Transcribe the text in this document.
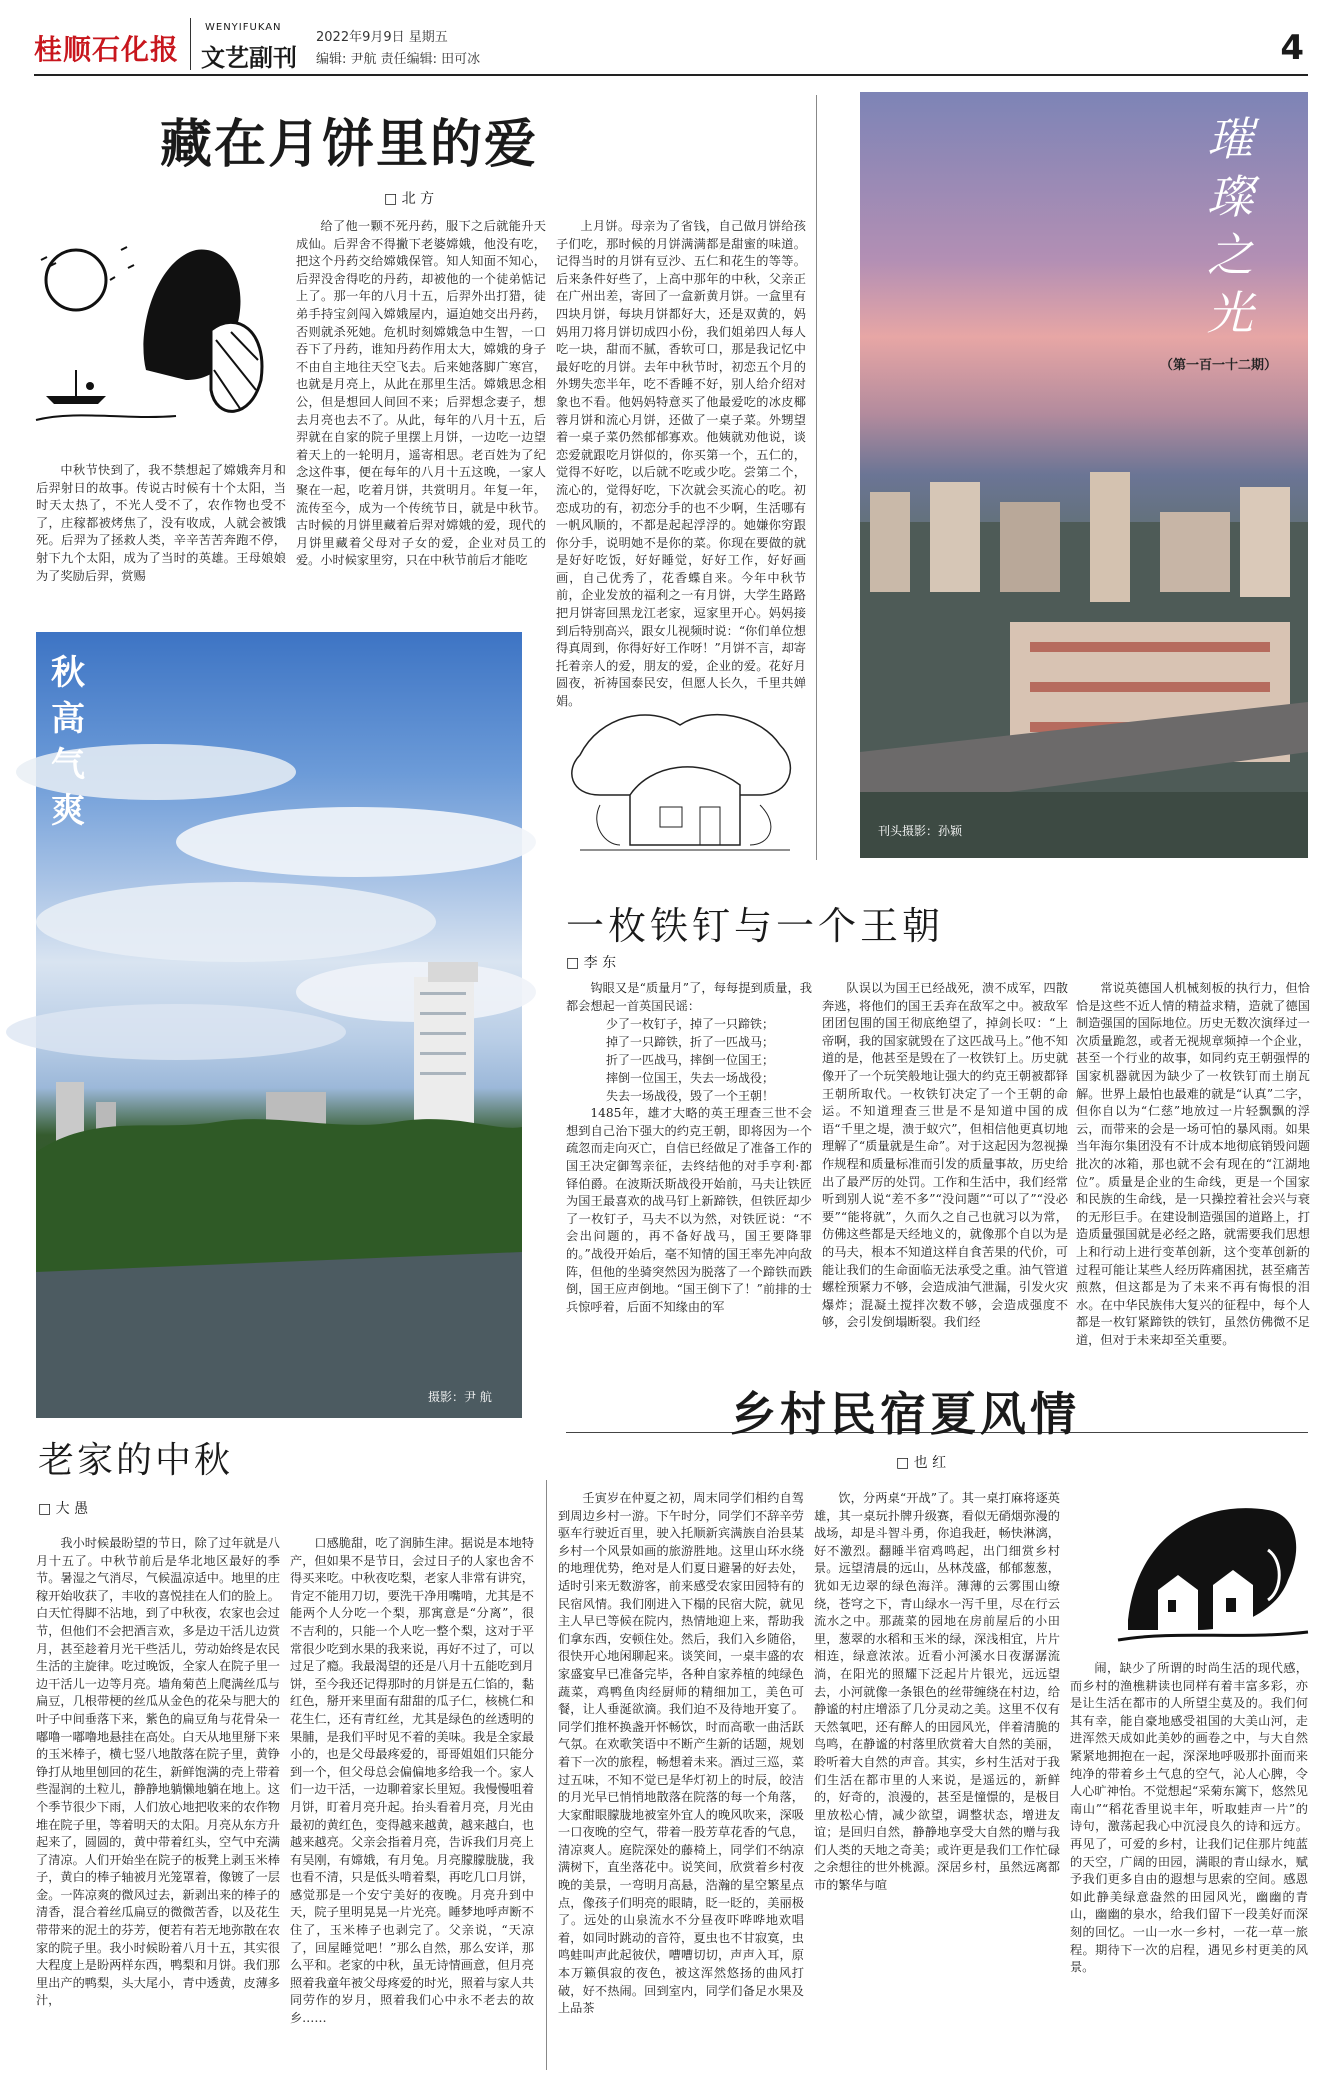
桂顺石化报
WENYIFUKAN
文艺副刊
2022年9月9日 星期五
编辑: 尹航 责任编辑: 田可冰	4
藏在月饼里的爱
□ 北 方
中秋节快到了，我不禁想起了嫦娥奔月和后羿射日的故事。传说古时候有十个太阳，当时天太热了，不光人受不了，农作物也受不了，庄稼都被烤焦了，没有收成，人就会被饿死。后羿为了拯救人类，辛辛苦苦奔跑不停，射下九个太阳，成为了当时的英雄。王母娘娘为了奖励后羿，赏赐
给了他一颗不死丹药，服下之后就能升天成仙。后羿舍不得撇下老婆嫦娥，他没有吃，把这个丹药交给嫦娥保管。知人知面不知心，后羿没舍得吃的丹药，却被他的一个徒弟惦记上了。那一年的八月十五，后羿外出打猎，徒弟手持宝剑闯入嫦娥屋内，逼迫她交出丹药，否则就杀死她。危机时刻嫦娥急中生智，一口吞下了丹药，谁知丹药作用太大，嫦娥的身子不由自主地往天空飞去。后来她落脚广寒宫，也就是月亮上，从此在那里生活。嫦娥思念相公，但是想回人间回不来；后羿想念妻子，想去月亮也去不了。从此，每年的八月十五，后羿就在自家的院子里摆上月饼，一边吃一边望着天上的一轮明月，遥寄相思。老百姓为了纪念这件事，便在每年的八月十五这晚，一家人聚在一起，吃着月饼，共赏明月。年复一年，流传至今，成为一个传统节日，就是中秋节。古时候的月饼里藏着后羿对嫦娥的爱，现代的月饼里藏着父母对子女的爱，企业对员工的爱。小时候家里穷，只在中秋节前后才能吃
上月饼。母亲为了省钱，自己做月饼给孩子们吃，那时候的月饼满满都是甜蜜的味道。记得当时的月饼有豆沙、五仁和花生的等等。后来条件好些了，上高中那年的中秋，父亲正在广州出差，寄回了一盒新黄月饼。一盒里有四块月饼，每块月饼都好大，还是双黄的，妈妈用刀将月饼切成四小份，我们姐弟四人每人吃一块，甜而不腻，香软可口，那是我记忆中最好吃的月饼。去年中秋节时，初恋五个月的外甥失恋半年，吃不香睡不好，别人给介绍对象也不看。他妈妈特意买了他最爱吃的冰皮椰蓉月饼和流心月饼，还做了一桌子菜。外甥望着一桌子菜仍然郁郁寡欢。他姨就劝他说，谈恋爱就跟吃月饼似的，你买第一个，五仁的，觉得不好吃，以后就不吃或少吃。尝第二个，流心的，觉得好吃，下次就会买流心的吃。初恋成功的有，初恋分手的也不少啊，生活哪有一帆风顺的，不都是起起浮浮的。她嫌你穷跟你分手，说明她不是你的菜。你现在要做的就是好好吃饭，好好睡觉，好好工作，好好画画，自己优秀了，花香蝶自来。今年中秋节前，企业发放的福利之一有月饼，大学生路路把月饼寄回黑龙江老家，逗家里开心。妈妈接到后特别高兴，跟女儿视频时说：“你们单位想得真周到，你得好好工作呀！”月饼不言，却寄托着亲人的爱，朋友的爱，企业的爱。花好月圆夜，祈祷国泰民安，但愿人长久，千里共婵娟。
璀
璨
之
光
（第一百一十二期）
刊头摄影：孙颖
秋
高
气
爽
摄影：尹 航
一枚铁钉与一个王朝
□ 李 东
钩眼又是“质量月”了，每每提到质量，我都会想起一首英国民谣：
少了一枚钉子，掉了一只蹄铁；
掉了一只蹄铁，折了一匹战马；
折了一匹战马，摔倒一位国王；
摔倒一位国王，失去一场战役；
失去一场战役，毁了一个王朝！
1485年，雄才大略的英王理查三世不会想到自己治下强大的约克王朝，即将因为一个疏忽而走向灭亡，自信已经做足了准备工作的国王决定御驾亲征，去终结他的对手亨利·都铎伯爵。在波斯沃斯战役开始前，马夫让铁匠为国王最喜欢的战马钉上新蹄铁，但铁匠却少了一枚钉子，马夫不以为然，对铁匠说：“不会出问题的，再不备好战马，国王要降罪的。”战役开始后，毫不知情的国王率先冲向敌阵，但他的坐骑突然因为脱落了一个蹄铁而跌倒，国王应声倒地。“国王倒下了！”前排的士兵惊呼着，后面不知缘由的军
队误以为国王已经战死，溃不成军，四散奔逃，将他们的国王丢弃在敌军之中。被敌军团团包围的国王彻底绝望了，掉剑长叹：“上帝啊，我的国家就毁在了这匹战马上。”他不知道的是，他甚至是毁在了一枚铁钉上。历史就像开了一个玩笑般地让强大的约克王朝被都铎王朝所取代。一枚铁钉决定了一个王朝的命运。不知道理查三世是不是知道中国的成语“千里之堤，溃于蚁穴”，但相信他更真切地理解了“质量就是生命”。对于这起因为忽视操作规程和质量标准而引发的质量事故，历史给出了最严厉的处罚。工作和生活中，我们经常听到别人说“差不多”“没问题”“可以了”“没必要”“能将就”，久而久之自己也就习以为常，仿佛这些都是天经地义的，就像那个自以为是的马夫，根本不知道这样自食苦果的代价，可能让我们的生命面临无法承受之重。油气管道螺栓预紧力不够，会造成油气泄漏，引发火灾爆炸；混凝土搅拌次数不够，会造成强度不够，会引发倒塌断裂。我们经
常说英德国人机械刻板的执行力，但恰恰是这些不近人情的精益求精，造就了德国制造强国的国际地位。历史无数次演绎过一次质量跪忽，或者无视规章频掉一个企业，甚至一个行业的故事，如同约克王朝强悍的国家机器就因为缺少了一枚铁钉而土崩瓦解。世界上最怕也最难的就是“认真”二字，但你自以为“仁慈”地放过一片轻飘飘的浮云，而带来的会是一场可怕的暴风雨。如果当年海尔集团没有不计成本地彻底销毁问题批次的冰箱，那也就不会有现在的“江湖地位”。质量是企业的生命线，更是一个国家和民族的生命线，是一只操控着社会兴与衰的无形巨手。在建设制造强国的道路上，打造质量强国就是必经之路，就需要我们思想上和行动上进行变革创新，这个变革创新的过程可能让某些人经历阵痛困扰，甚至痛苦煎熬，但这都是为了未来不再有悔恨的泪水。在中华民族伟大复兴的征程中，每个人都是一枚钉紧蹄铁的铁钉，虽然仿佛微不足道，但对于未来却至关重要。
乡村民宿夏风情
□ 也 红
老家的中秋
□ 大 愚
我小时候最盼望的节日，除了过年就是八月十五了。中秋节前后是华北地区最好的季节。暑湿之气消尽，气候温凉适中。地里的庄稼开始收获了，丰收的喜悦挂在人们的脸上。白天忙得脚不沾地，到了中秋夜，农家也会过节，但他们不会把酒言欢，多是边干活儿边赏月，甚至趁着月光干些活儿，劳动始终是农民生活的主旋律。吃过晚饭，全家人在院子里一边干活儿一边等月亮。墙角菊芭上爬满丝瓜与扁豆，几根带梗的丝瓜从金色的花朵与肥大的叶子中间垂落下来，紫色的扁豆角与花骨朵一嘟噜一嘟噜地悬挂在高处。白天从地里掰下来的玉米棒子，横七竖八地散落在院子里，黄铮铮打从地里刨回的花生，新鲜饱满的壳上带着些湿润的土粒儿，静静地躺懒地躺在地上。这个季节很少下雨，人们放心地把收来的农作物堆在院子里，等着明天的太阳。月亮从东方升起来了，圆圆的，黄中带着红头，空气中充满了清凉。人们开始坐在院子的板凳上剥玉米棒子，黄白的棒子轴被月光笼罩着，像镀了一层金。一阵凉爽的微风过去，新剥出来的棒子的清香，混合着丝瓜扁豆的微微苦香，以及花生带带来的泥土的芬芳，便若有若无地弥散在农家的院子里。我小时候盼着八月十五，其实很大程度上是盼两样东西，鸭梨和月饼。我们那里出产的鸭梨，头大尾小，青中透黄，皮薄多汁，
口感脆甜，吃了润肺生津。据说是本地特产，但如果不是节日，会过日子的人家也舍不得买来吃。中秋夜吃梨，老家人非常有讲究，肯定不能用刀切，要洗干净用嘴啃，尤其是不能两个人分吃一个梨，那寓意是“分离”，很不吉利的，只能一个人吃一整个梨，这对于平常很少吃到水果的我来说，再好不过了，可以过足了瘾。我最渴望的还是八月十五能吃到月饼，至今我还记得那时的月饼是五仁馅的，黏红色，掰开来里面有甜甜的瓜子仁，核桃仁和花生仁，还有青红丝，尤其是绿色的丝透明的果脯，是我们平时见不着的美味。我是全家最小的，也是父母最疼爱的，哥哥姐姐们只能分到一个，但父母总会偏偏地多给我一个。家人们一边干活，一边聊着家长里短。我慢慢咀着月饼，盯着月亮升起。抬头看着月亮，月光由最初的黄红色，变得越来越黄，越来越白，也越来越亮。父亲会指着月亮，告诉我们月亮上有吴刚，有嫦娥，有月兔。月亮朦朦胧胧，我也看不清，只是低头啃着梨，再吃几口月饼，感觉那是一个安宁美好的夜晚。月亮升到中天，院子里明晃晃一片光亮。睡梦地呼声断不住了，玉米棒子也剥完了。父亲说，“天凉了，回屋睡觉吧！”那么自然，那么安详，那么平和。老家的中秋，虽无诗情画意，但月亮照着我童年被父母疼爱的时光，照着与家人共同劳作的岁月，照着我们心中永不老去的故乡……
壬寅岁在仲夏之初，周末同学们相约自驾到周边乡村一游。下午时分，同学们不辞辛劳驱车行驶近百里，驶入托顺新宾满族自治县某乡村一个风景如画的旅游胜地。这里山环水绕的地理优势，绝对是人们夏日避暑的好去处，适时引来无数游客，前来感受农家田园特有的民宿风情。我们刚进入下榻的民宿大院，就见主人早已等候在院内，热情地迎上来，帮助我们拿东西，安顿住处。然后，我们入乡随俗，很快开心地闲聊起来。谈笑间，一桌丰盛的农家盛宴早已准备完毕，各种自家养植的纯绿色蔬菜，鸡鸭鱼肉经厨师的精细加工，美色可餐，让人垂涎欲滴。我们迫不及待地开宴了。同学们推杯换盏开怀畅饮，时而高歌一曲活跃气氛。在欢歌笑语中不断产生新的话题，规划着下一次的旅程，畅想着未来。酒过三巡，菜过五味，不知不觉已是华灯初上的时辰，皎洁的月光早已悄悄地散落在院落的每一个角落，大家酣眼朦胧地被室外宜人的晚风吹来，深吸一口夜晚的空气，带着一股芳草花香的气息，清凉爽人。庭院深处的藤椅上，同学们不纳凉满树下，直坐落花中。说笑间，欣赏着乡村夜晚的美景，一弯明月高悬，浩瀚的星空繁星点点，像孩子们明亮的眼睛，眨一眨的，美丽极了。远处的山泉流水不分昼夜吓哗哗地欢唱着，如同时跳动的音符，夏虫也不甘寂寞，虫鸣蛙叫声此起彼伏，嘈嘈切切，声声入耳，原本万籁俱寂的夜色，被这浑然悠扬的曲风打破，好不热闹。回到室内，同学们备足水果及上品茶
饮，分两桌“开战”了。其一桌打麻将逐英雄，其一桌玩扑牌升级赛，看似无硝烟弥漫的战场，却是斗智斗勇，你追我赶，畅快淋漓，好不激烈。翻睡半宿鸡鸣起，出门细赏乡村景。远望清晨的远山，丛林茂盛，郁郁葱葱，犹如无边翠的绿色海洋。薄薄的云雾围山缭绕，苍穹之下，青山绿水一泻千里，尽在行云流水之中。那蔬菜的园地在房前屋后的小田里，葱翠的水稻和玉米的绿，深浅相宜，片片相连，绿意浓浓。近看小河溪水日夜潺潺流淌，在阳光的照耀下泛起片片银光，远远望去，小河就像一条银色的丝带缠绕在村边，给静谧的村庄增添了几分灵动之美。这里不仅有天然氧吧，还有醉人的田园风光，伴着清脆的鸟鸣，在静谧的村落里欣赏着大自然的美丽，聆听着大自然的声音。其实，乡村生活对于我们生活在都市里的人来说，是遥远的，新鲜的，好奇的，浪漫的，甚至是憧憬的，是极目里放松心情，减少欲望，调整状态，增进友谊；是回归自然，静静地享受大自然的赠与我们人类的天地之奇美；或许更是我们工作忙碌之余想往的世外桃源。深居乡村，虽然远离都市的繁华与喧
闹，缺少了所谓的时尚生活的现代感，而乡村的渔樵耕读也同样有着丰富多彩，亦是让生活在都市的人所望尘莫及的。我们何其有幸，能自豪地感受祖国的大美山河，走进浑然天成如此美妙的画卷之中，与大自然紧紧地拥抱在一起，深深地呼吸那扑面而来纯净的带着乡土气息的空气，沁人心脾，令人心旷神怡。不觉想起“采菊东篱下，悠然见南山”“稻花香里说丰年，听取蛙声一片”的诗句，激荡起我心中沉浸良久的诗和远方。再见了，可爱的乡村，让我们记住那片纯蓝的天空，广阔的田园，满眼的青山绿水，赋予我们更多自由的遐想与思索的空间。感恩如此静美绿意盎然的田园风光，幽幽的青山，幽幽的泉水，给我们留下一段美好而深刻的回忆。一山一水一乡村，一花一草一旅程。期待下一次的启程，遇见乡村更美的风景。
